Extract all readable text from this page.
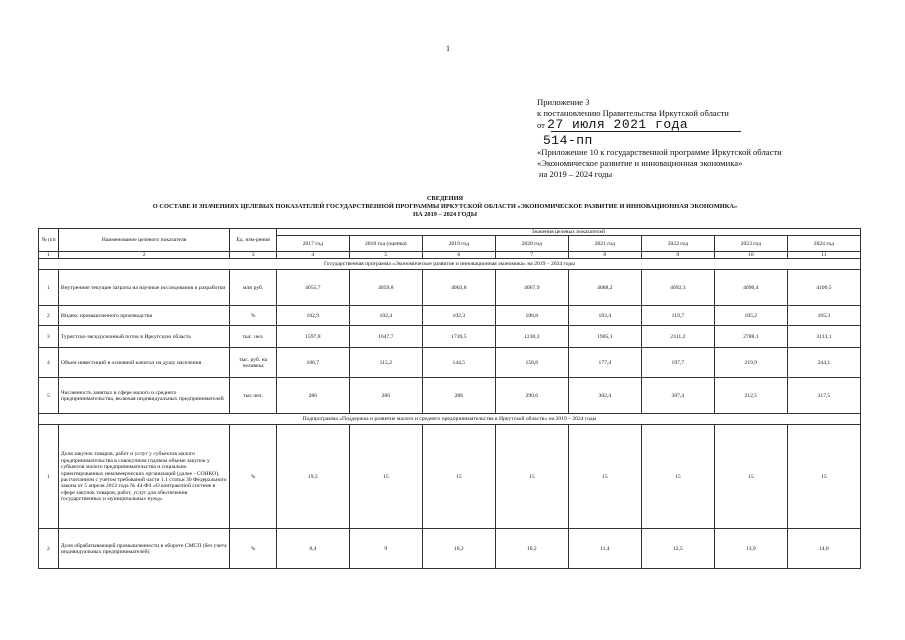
1
Приложение 3
к постановлению Правительства Иркутской области
от 27 июля 2021 года
514-пп
«Приложение 10 к государственной программе Иркутской области
«Экономическое развитие и инновационная экономика»
на 2019 – 2024 годы
СВЕДЕНИЯ
О СОСТАВЕ И ЗНАЧЕНИЯХ ЦЕЛЕВЫХ ПОКАЗАТЕЛЕЙ ГОСУДАРСТВЕННОЙ ПРОГРАММЫ ИРКУТСКОЙ ОБЛАСТИ «ЭКОНОМИЧЕСКОЕ РАЗВИТИЕ И ИННОВАЦИОННАЯ ЭКОНОМИКА»
НА 2019 – 2024 ГОДЫ
№ п/п	Наименование целевого показателя	Ед. изм-рения	Значения целевых показателей							
			2017 год	2018 год (оценка)	2019 год	2020 год	2021 год	2022 год	2023 год	2024 год
1	2	3	4	5	6	7	8	9	10	11
Государственная программа «Экономическое развитие и инновационная экономика» на 2019 – 2024 годы										
1	Внутренние текущие затраты на научные исследования и разработки	млн руб.	4055,7	4059,8	4063,8	4067,9	4088,2	4092,3	4096,4	4100,5
2	Индекс промышленного производства	%	102,9	102,4	102,3	108,8	103,4	119,7	105,2	105,3
3	Туристско-экскурсионный поток в Иркутскую область	тыс. чел.	1597,8	1647,7	1739,5	1230,3	1905,1	2311,2	2788,1	3113,1
4	Объем инвестиций в основной капитал на душу населения	тыс. руб. на человека	106,7	115,2	144,5	158,8	177,4	197,7	219,9	244,1
5	Численность занятых в сфере малого и среднего предпринимательства, включая индивидуальных предпринимателей	тыс.чел.	286	286	286	290,6	302,4	307,4	312,5	317,5
Подпрограмма «Поддержка и развитие малого и среднего предпринимательства в Иркутской области» на 2019 – 2024 годы										
1	Доля закупок товаров, работ и услуг у субъектов малого предпринимательства в совокупном годовом объеме закупок у субъектов малого предпринимательства и социально ориентированных некоммерческих организаций (далее - СОНКО), рассчитанном с учетом требований части 1.1 статьи 30 Федерального закона от 5 апреля 2013 года № 44-ФЗ «О контрактной системе в сфере закупок товаров, работ, услуг для обеспечения государственных и муниципальных нужд»	%	19,3	15	15	15	15	15	15	15
2	Доля обрабатывающей промышленности в обороте СМСП (без учета индивидуальных предпринимателей)	%	8,4	9	10,2	10,2	11,4	12,5	13,9	14,8
